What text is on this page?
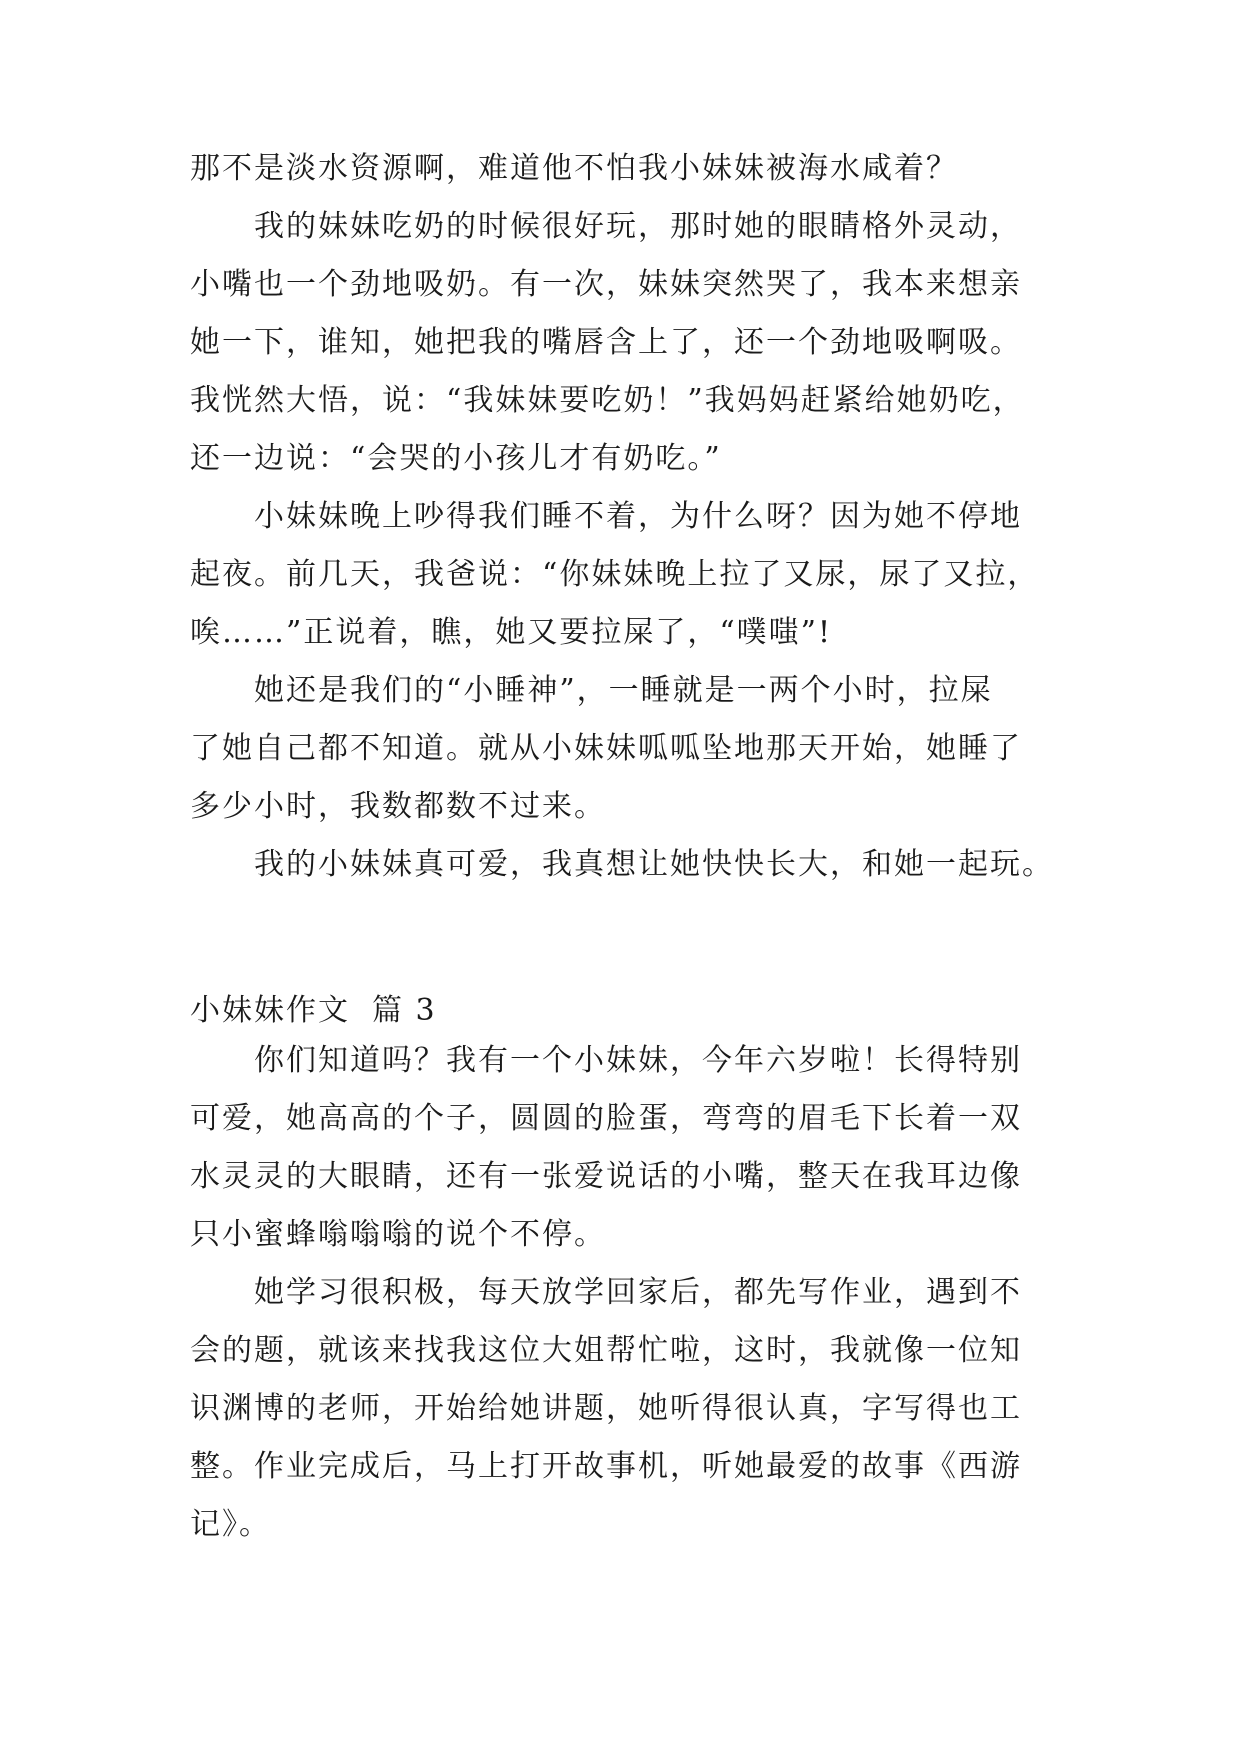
那不是淡水资源啊，难道他不怕我小妹妹被海水咸着？
我的妹妹吃奶的时候很好玩，那时她的眼睛格外灵动，
小嘴也一个劲地吸奶。有一次，妹妹突然哭了，我本来想亲
她一下，谁知，她把我的嘴唇含上了，还一个劲地吸啊吸。
我恍然大悟，说：“我妹妹要吃奶！”我妈妈赶紧给她奶吃，
还一边说：“会哭的小孩儿才有奶吃。”
小妹妹晚上吵得我们睡不着，为什么呀？因为她不停地
起夜。前几天，我爸说：“你妹妹晚上拉了又尿，尿了又拉，
唉……”正说着，瞧，她又要拉屎了，“噗嗤”!
她还是我们的“小睡神”，一睡就是一两个小时，拉屎
了她自己都不知道。就从小妹妹呱呱坠地那天开始，她睡了
多少小时，我数都数不过来。
我的小妹妹真可爱，我真想让她快快长大，和她一起玩。
小妹妹作文 篇 3
你们知道吗？我有一个小妹妹，今年六岁啦！长得特别
可爱，她高高的个子，圆圆的脸蛋，弯弯的眉毛下长着一双
水灵灵的大眼睛，还有一张爱说话的小嘴，整天在我耳边像
只小蜜蜂嗡嗡嗡的说个不停。
她学习很积极，每天放学回家后，都先写作业，遇到不
会的题，就该来找我这位大姐帮忙啦，这时，我就像一位知
识渊博的老师，开始给她讲题，她听得很认真，字写得也工
整。作业完成后，马上打开故事机，听她最爱的故事《西游
记》。
